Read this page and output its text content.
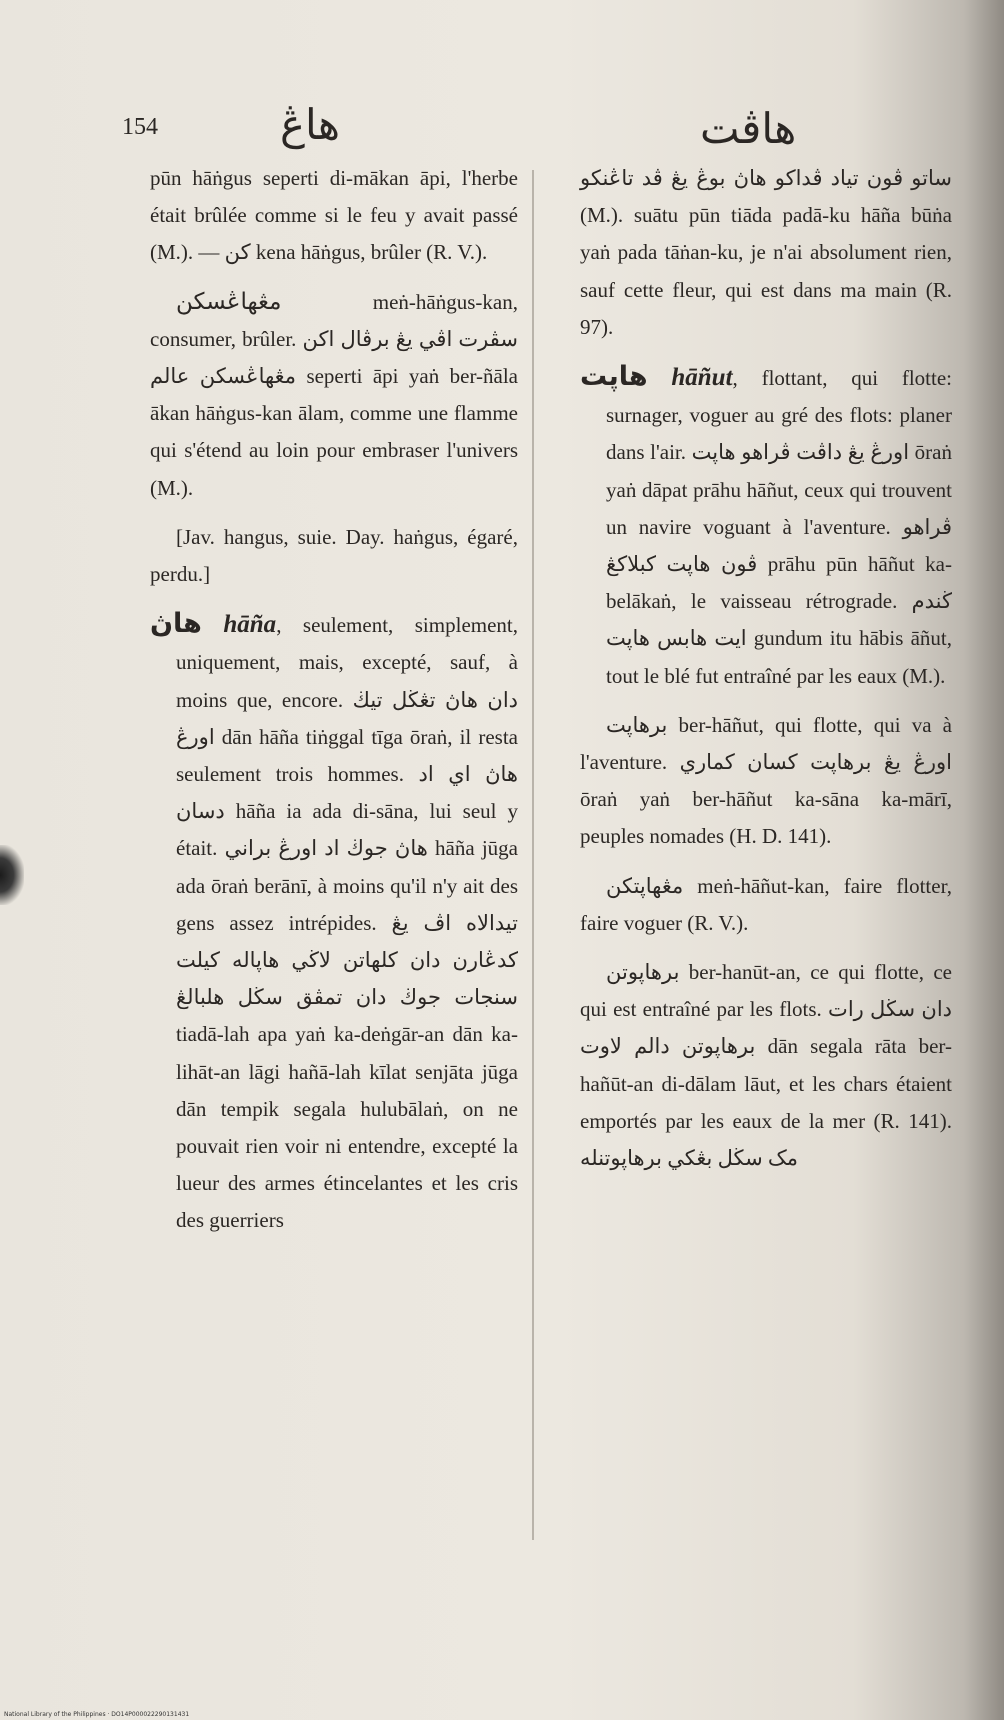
154	هاڠ	هاڤت

pūn hāṅgus seperti di-mākan āpi, l'herbe était brûlée comme si le feu y avait passé (M.). — کن kena hāṅgus, brûler (R. V.).

مڠهاڠسکن	meṅ-hāṅgus-kan, consumer, brûler. سڤرت اڤي يڠ برڤال اکن مڠهاڠسکن عالم seperti āpi yaṅ ber-ñāla ākan hāṅgus-kan ālam, comme une flamme qui s'étend au loin pour embraser l'univers (M.).

[Jav. hangus, suie. Day. haṅgus, égaré, perdu.]

هاڽ hāña, seulement, simplement, uniquement, mais, excepté, sauf, à moins que, encore. دان هاڽ تڠڬل تيڬ اورڠ dān hāña tiṅggal tīga ōraṅ, il resta seulement trois hommes. هاڽ اي اد دسان hāña ia ada di-sāna, lui seul y était. هاڽ جوڬ اد اورڠ براني hāña jūga ada ōraṅ berānī, à moins qu'il n'y ait des gens assez intrépides. تيدالاه اڤ يڠ کدڠارن دان کلهاتن لاڬي هاڽاله کيلت سنجات جوڬ دان تمڤق سڬل هلبالڠ tiadā-lah apa yaṅ ka-deṅgār-an dān ka-lihāt-an lāgi hañā-lah kīlat senjāta jūga dān tempik segala hulubālaṅ, on ne pouvait rien voir ni entendre, excepté la lueur des armes étincelantes et les cris des guerriers

ساتو ڤون تياد ڤداکو هاڽ بوڠ يڠ ڤد تاڠنکو (M.). suātu pūn tiāda padā-ku hāña būṅa yaṅ pada tāṅan-ku, je n'ai absolument rien, sauf cette fleur, qui est dans ma main (R. 97).

هاڽت hāñut, flottant, qui flotte: surnager, voguer au gré des flots: planer dans l'air. اورڠ يڠ داڤت ڤراهو هاڽت ōraṅ yaṅ dāpat prāhu hāñut, ceux qui trouvent un navire voguant à l'aventure. ڤراهو ڤون هاڽت کبلاکڠ prāhu pūn hāñut ka-belākaṅ, le vaisseau rétrograde. ڬندم ايت هابس هاڽت gundum itu hābis āñut, tout le blé fut entraîné par les eaux (M.).

برهاڽت ber-hāñut, qui flotte, qui va à l'aventure. اورڠ يڠ برهاڽت کسان کماري ōraṅ yaṅ ber-hāñut ka-sāna ka-mārī, peuples nomades (H. D. 141).

مڠهاڽتکن meṅ-hāñut-kan, faire flotter, faire voguer (R. V.).

برهاڽوتن ber-hanūt-an, ce qui flotte, ce qui est entraîné par les flots. دان سڬل رات برهاڽوتن دالم لاوت dān segala rāta ber-hañūt-an di-dālam lāut, et les chars étaient emportés par les eaux de la mer (R. 141). مک سڬل بڠکي برهاڽوتنله

National Library of the Philippines · DO14P000022290131431
